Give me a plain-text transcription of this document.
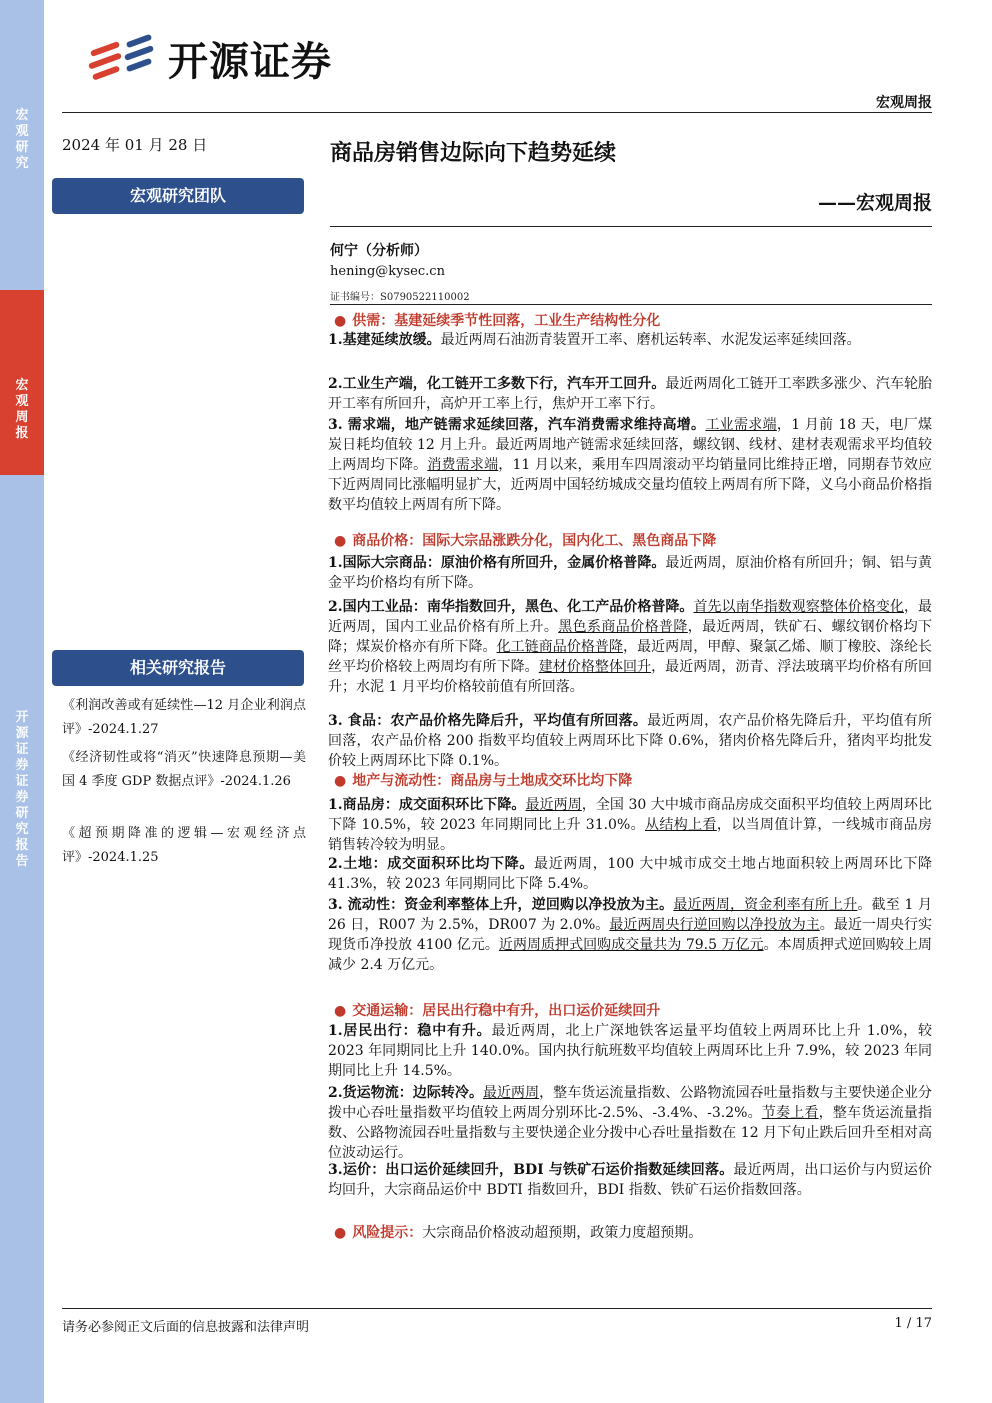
宏观研究
宏观周报
开源证券 证券研究报告
开源证券
宏观周报
2024 年 01 月 28 日	商品房销售边际向下趋势延续
——宏观周报
宏观研究团队
何宁（分析师）
hening@kysec.cn
证书编号：S0790522110002
相关研究报告
《利润改善或有延续性—12 月企业利润点评》-2024.1.27
《经济韧性或将“消灭”快速降息预期—美国 4 季度 GDP 数据点评》-2024.1.26
《超预期降准的逻辑—宏观经济点评》-2024.1.25
● 供需：基建延续季节性回落，工业生产结构性分化
1.基建延续放缓。最近两周石油沥青装置开工率、磨机运转率、水泥发运率延续回落。
2.工业生产端，化工链开工多数下行，汽车开工回升。最近两周化工链开工率跌多涨少、汽车轮胎开工率有所回升，高炉开工率上行，焦炉开工率下行。
3. 需求端，地产链需求延续回落，汽车消费需求维持高增。工业需求端，1 月前 18 天，电厂煤炭日耗均值较 12 月上升。最近两周地产链需求延续回落，螺纹钢、线材、建材表观需求平均值较上两周均下降。消费需求端，11 月以来，乘用车四周滚动平均销量同比维持正增，同期春节效应下近两周同比涨幅明显扩大，近两周中国轻纺城成交量均值较上两周有所下降，义乌小商品价格指数平均值较上两周有所下降。
● 商品价格：国际大宗品涨跌分化，国内化工、黑色商品下降
1.国际大宗商品：原油价格有所回升，金属价格普降。最近两周，原油价格有所回升；铜、铝与黄金平均价格均有所下降。
2.国内工业品：南华指数回升，黑色、化工产品价格普降。首先以南华指数观察整体价格变化，最近两周，国内工业品价格有所上升。黑色系商品价格普降，最近两周，铁矿石、螺纹钢价格均下降；煤炭价格亦有所下降。化工链商品价格普降，最近两周，甲醇、聚氯乙烯、顺丁橡胶、涤纶长丝平均价格较上两周均有所下降。建材价格整体回升，最近两周，沥青、浮法玻璃平均价格有所回升；水泥 1 月平均价格较前值有所回落。
3. 食品：农产品价格先降后升，平均值有所回落。最近两周，农产品价格先降后升，平均值有所回落，农产品价格 200 指数平均值较上两周环比下降 0.6%，猪肉价格先降后升，猪肉平均批发价较上两周环比下降 0.1%。
● 地产与流动性：商品房与土地成交环比均下降
1.商品房：成交面积环比下降。最近两周，全国 30 大中城市商品房成交面积平均值较上两周环比下降 10.5%，较 2023 年同期同比上升 31.0%。从结构上看，以当周值计算，一线城市商品房销售转冷较为明显。
2.土地：成交面积环比均下降。最近两周，100 大中城市成交土地占地面积较上两周环比下降 41.3%，较 2023 年同期同比下降 5.4%。
3. 流动性：资金利率整体上升，逆回购以净投放为主。最近两周，资金利率有所上升。截至 1 月 26 日，R007 为 2.5%，DR007 为 2.0%。最近两周央行逆回购以净投放为主。最近一周央行实现货币净投放 4100 亿元。近两周质押式回购成交量共为 79.5 万亿元。本周质押式逆回购较上周减少 2.4 万亿元。
● 交通运输：居民出行稳中有升，出口运价延续回升
1.居民出行：稳中有升。最近两周，北上广深地铁客运量平均值较上两周环比上升 1.0%，较 2023 年同期同比上升 140.0%。国内执行航班数平均值较上两周环比上升 7.9%，较 2023 年同期同比上升 14.5%。
2.货运物流：边际转冷。最近两周，整车货运流量指数、公路物流园吞吐量指数与主要快递企业分拨中心吞吐量指数平均值较上两周分别环比-2.5%、-3.4%、-3.2%。节奏上看，整车货运流量指数、公路物流园吞吐量指数与主要快递企业分拨中心吞吐量指数在 12 月下旬止跌后回升至相对高位波动运行。
3.运价：出口运价延续回升，BDI 与铁矿石运价指数延续回落。最近两周，出口运价与内贸运价均回升，大宗商品运价中 BDTI 指数回升，BDI 指数、铁矿石运价指数回落。
● 风险提示：大宗商品价格波动超预期，政策力度超预期。
请务必参阅正文后面的信息披露和法律声明	1 / 17
